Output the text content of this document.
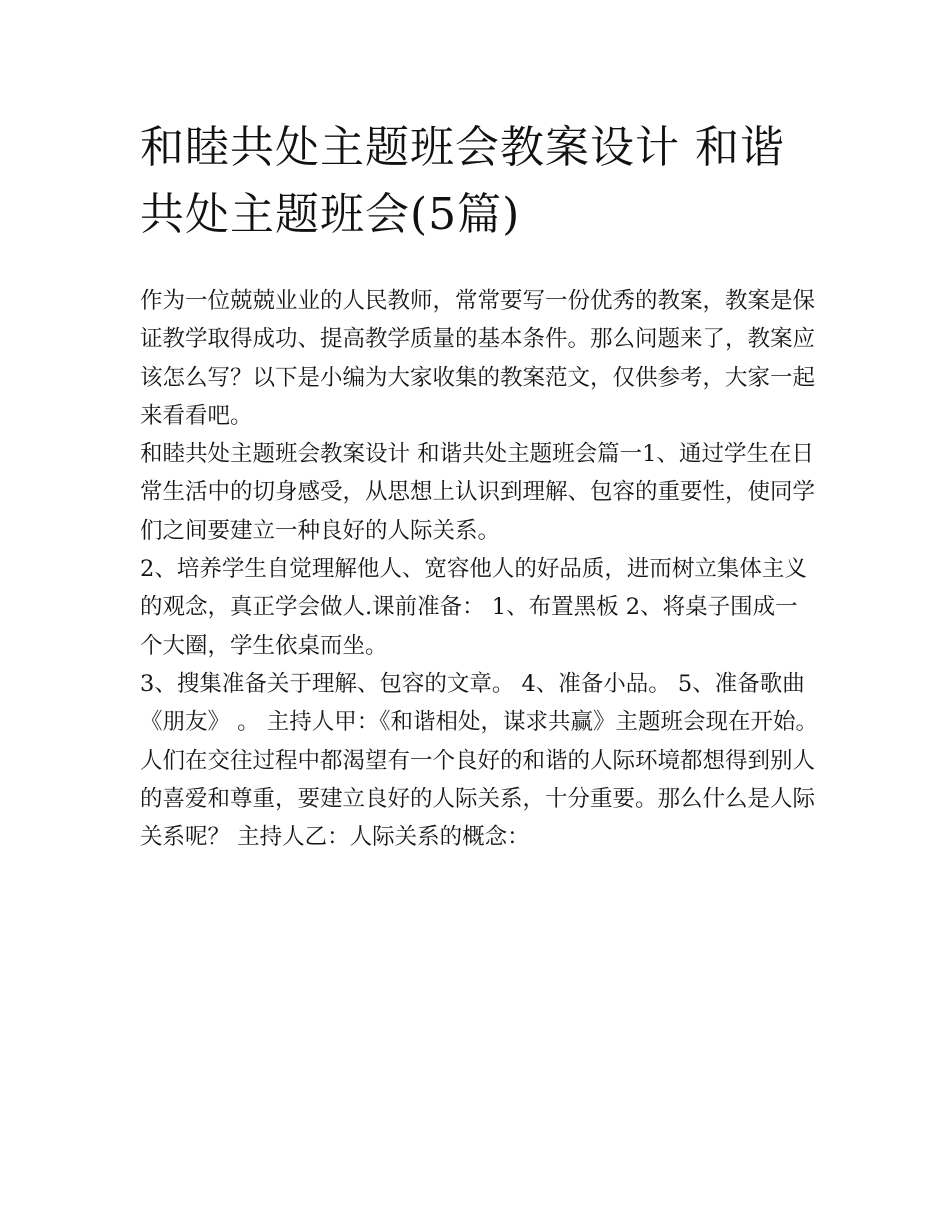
和睦共处主题班会教案设计 和谐共处主题班会(5篇)

作为一位兢兢业业的人民教师，常常要写一份优秀的教案，教案是保证教学取得成功、提高教学质量的基本条件。那么问题来了，教案应该怎么写？以下是小编为大家收集的教案范文，仅供参考，大家一起来看看吧。

和睦共处主题班会教案设计 和谐共处主题班会篇一1、通过学生在日常生活中的切身感受，从思想上认识到理解、包容的重要性，使同学们之间要建立一种良好的人际关系。

2、培养学生自觉理解他人、宽容他人的好品质，进而树立集体主义的观念，真正学会做人.课前准备： 1、布置黑板 2、将桌子围成一个大圈，学生依桌而坐。

3、搜集准备关于理解、包容的文章。 4、准备小品。 5、准备歌曲《朋友》 。 主持人甲：《和谐相处，谋求共赢》主题班会现在开始。

人们在交往过程中都渴望有一个良好的和谐的人际环境都想得到别人的喜爱和尊重，要建立良好的人际关系，十分重要。那么什么是人际关系呢？ 主持人乙：人际关系的概念：
